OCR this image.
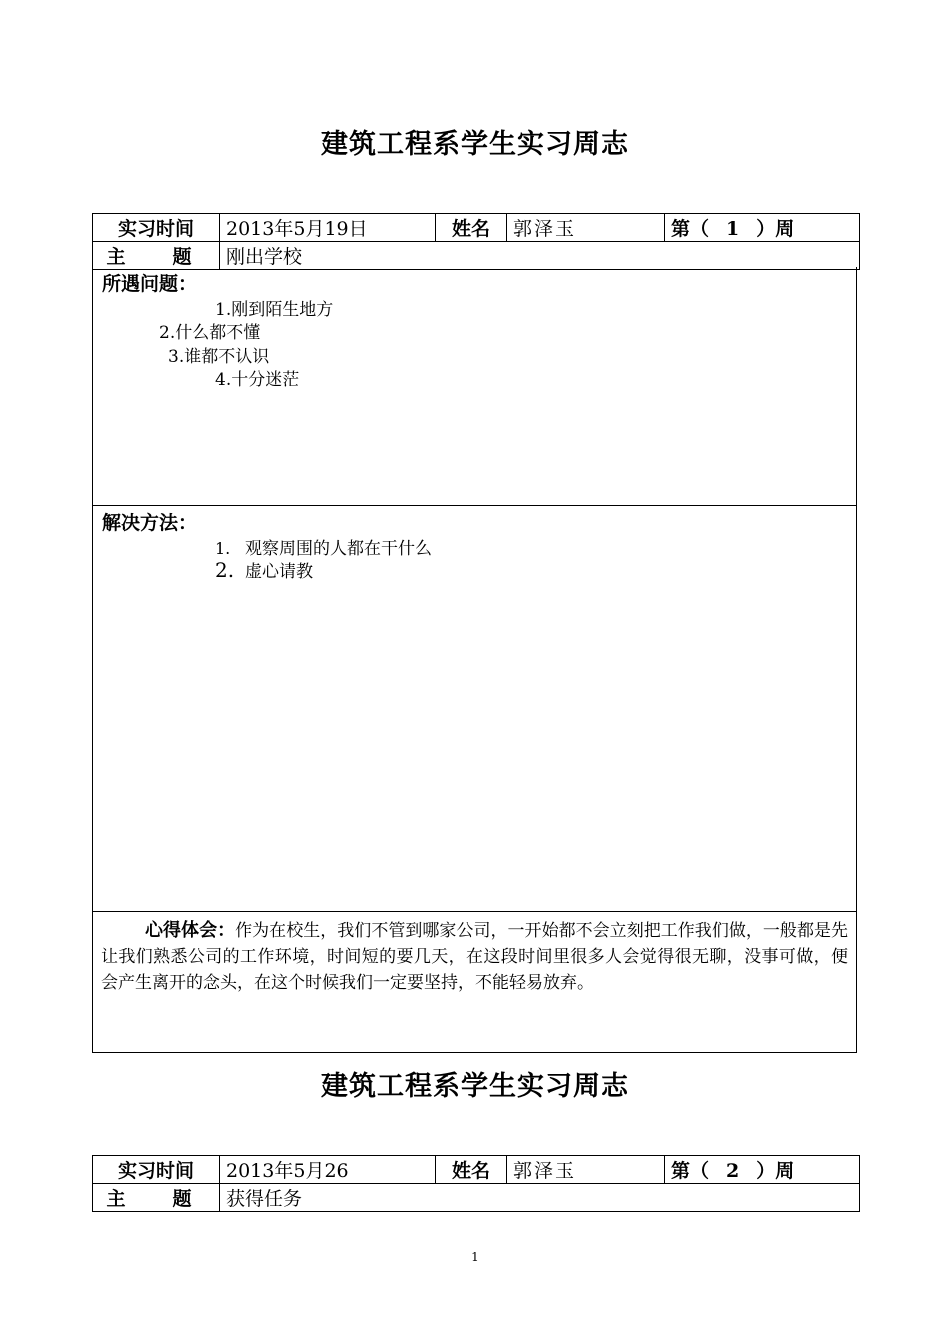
建筑工程系学生实习周志
实习时间	2013年5月19日	姓名	郭泽玉	第（ 1 ）周
主　题	刚出学校			
所遇问题：
1.刚到陌生地方
2.什么都不懂
3.谁都不认识
4.十分迷茫
解决方法：
1. 观察周围的人都在干什么
2. 虚心请教
心得体会：作为在校生，我们不管到哪家公司，一开始都不会立刻把工作我们做，一般都是先让我们熟悉公司的工作环境，时间短的要几天，在这段时间里很多人会觉得很无聊，没事可做，便会产生离开的念头，在这个时候我们一定要坚持，不能轻易放弃。
建筑工程系学生实习周志
实习时间	2013年5月26	姓名	郭泽玉	第（ 2 ）周
主　题	获得任务			
1
